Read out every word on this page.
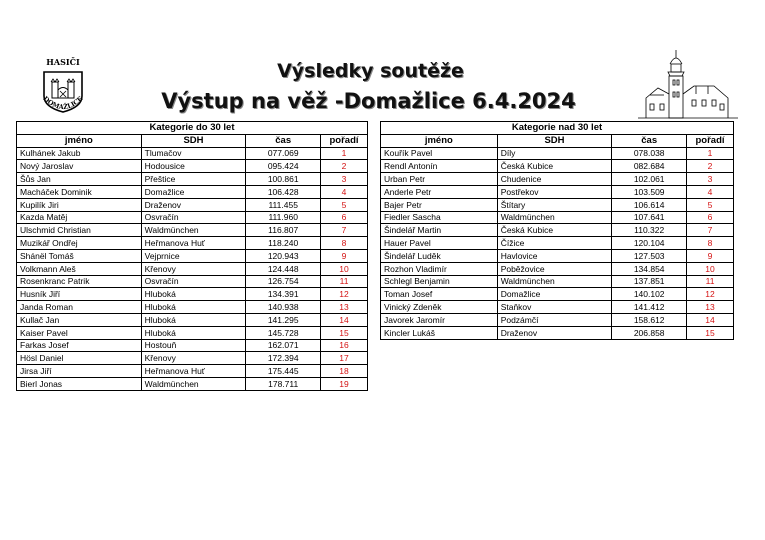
HASIČI
DOMAŽLICE
Výsledky soutěže
Výstup na věž -Domažlice 6.4.2024
Kategorie do 30 let			
jméno	SDH	čas	pořadí
Kulhánek Jakub	Tlumačov	077.069	1
Nový Jaroslav	Hodousice	095.424	2
Šůs Jan	Přeštice	100.861	3
Macháček Dominik	Domažlice	106.428	4
Kupilík Jiri	Draženov	111.455	5
Kazda Matěj	Osvračín	111.960	6
Ulschmid Christian	Waldmünchen	116.807	7
Muzikář Ondřej	Heřmanova Huť	118.240	8
Shánël Tomáš	Vejprnice	120.943	9
Volkmann Aleš	Křenovy	124.448	10
Rosenkranc Patrik	Osvračín	126.754	11
Husník Jiří	Hluboká	134.391	12
Janda Roman	Hluboká	140.938	13
Kullač Jan	Hluboká	141.295	14
Kaiser Pavel	Hluboká	145.728	15
Farkas Josef	Hostouň	162.071	16
Hösl Daniel	Křenovy	172.394	17
Jirsa Jiří	Heřmanova Huť	175.445	18
Bierl Jonas	Waldmünchen	178.711	19
Kategorie nad 30 let			
jméno	SDH	čas	pořadí
Kouřík Pavel	Díly	078.038	1
Rendl Antonín	Česká Kubice	082.684	2
Urban Petr	Chudenice	102.061	3
Anderle Petr	Postřekov	103.509	4
Bajer Petr	Štítary	106.614	5
Fiedler Sascha	Waldmünchen	107.641	6
Šindelář Martin	Česká Kubice	110.322	7
Hauer Pavel	Čížice	120.104	8
Šindelář Luděk	Havlovice	127.503	9
Rozhon Vladimír	Poběžovice	134.854	10
Schlegl Benjamin	Waldmünchen	137.851	11
Toman Josef	Domažlice	140.102	12
Vinický Zdeněk	Staňkov	141.412	13
Javorek Jaromír	Podzámčí	158.612	14
Kincler Lukáš	Draženov	206.858	15
